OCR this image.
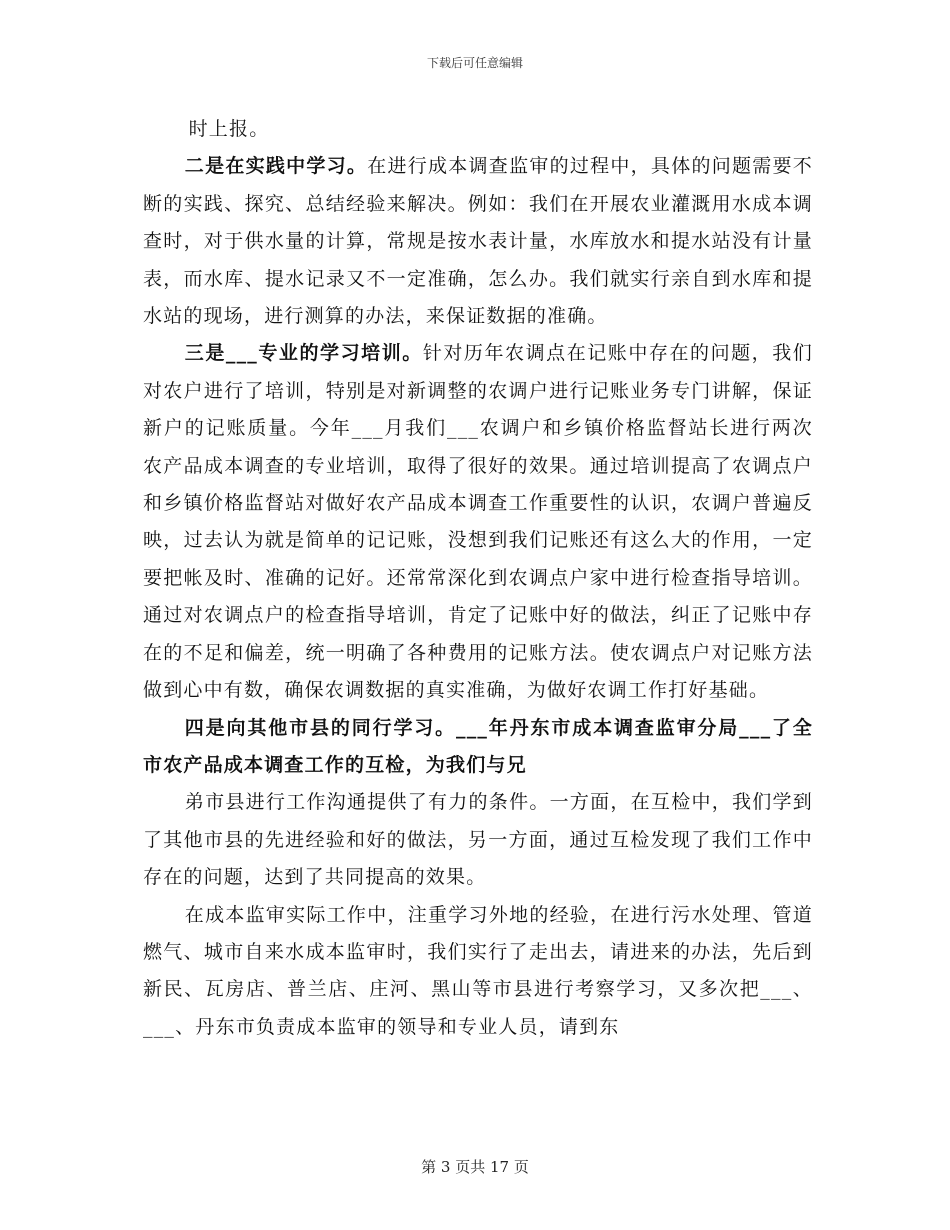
下载后可任意编辑

时上报。

二是在实践中学习。在进行成本调查监审的过程中，具体的问题需要不断的实践、探究、总结经验来解决。例如：我们在开展农业灌溉用水成本调查时，对于供水量的计算，常规是按水表计量，水库放水和提水站没有计量表，而水库、提水记录又不一定准确，怎么办。我们就实行亲自到水库和提水站的现场，进行测算的办法，来保证数据的准确。

三是___专业的学习培训。针对历年农调点在记账中存在的问题，我们对农户进行了培训，特别是对新调整的农调户进行记账业务专门讲解，保证新户的记账质量。今年___月我们___农调户和乡镇价格监督站长进行两次农产品成本调查的专业培训，取得了很好的效果。通过培训提高了农调点户和乡镇价格监督站对做好农产品成本调查工作重要性的认识，农调户普遍反映，过去认为就是简单的记记账，没想到我们记账还有这么大的作用，一定要把帐及时、准确的记好。还常常深化到农调点户家中进行检查指导培训。通过对农调点户的检查指导培训，肯定了记账中好的做法，纠正了记账中存在的不足和偏差，统一明确了各种费用的记账方法。使农调点户对记账方法做到心中有数，确保农调数据的真实准确，为做好农调工作打好基础。

四是向其他市县的同行学习。___年丹东市成本调查监审分局___了全市农产品成本调查工作的互检，为我们与兄

弟市县进行工作沟通提供了有力的条件。一方面，在互检中，我们学到了其他市县的先进经验和好的做法，另一方面，通过互检发现了我们工作中存在的问题，达到了共同提高的效果。

在成本监审实际工作中，注重学习外地的经验，在进行污水处理、管道燃气、城市自来水成本监审时，我们实行了走出去，请进来的办法，先后到新民、瓦房店、普兰店、庄河、黑山等市县进行考察学习，又多次把___、___、丹东市负责成本监审的领导和专业人员，请到东

第 3 页共 17 页
